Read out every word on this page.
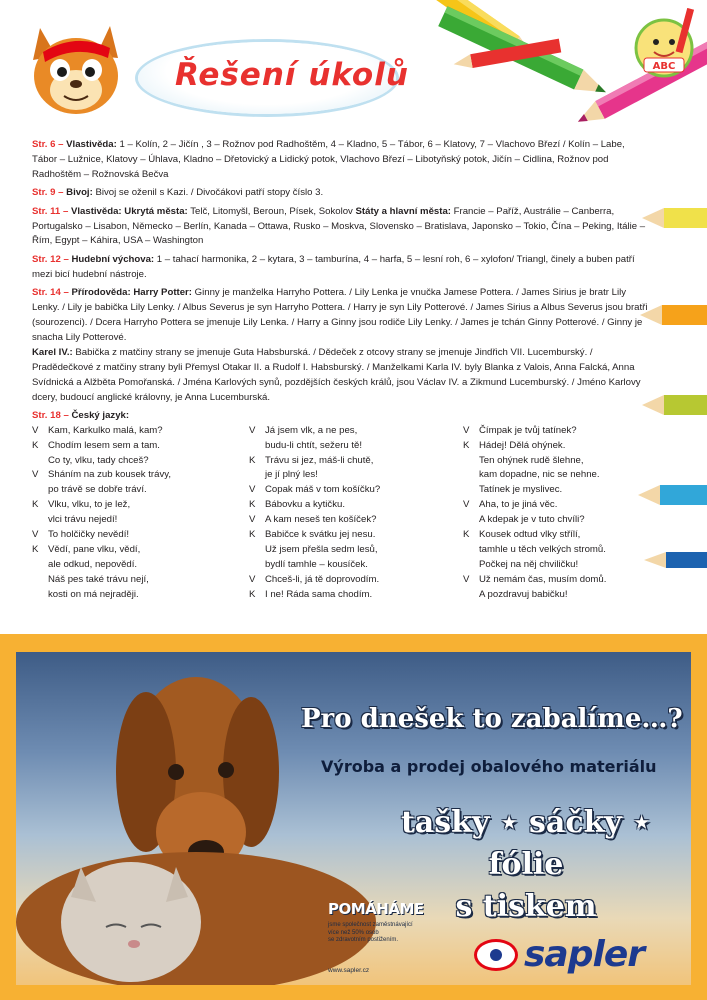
Řešení úkolů	ABC

Str. 6 – Vlastivěda: 1 – Kolín, 2 – Jičín , 3 – Rožnov pod Radhoštěm, 4 – Kladno, 5 – Tábor, 6 – Klatovy, 7 – Vlachovo Březí / Kolín – Labe, Tábor – Lužnice, Klatovy – Úhlava, Kladno – Dřetovický a Lidický potok, Vlachovo Březí – Libotyňský potok, Jičín – Cidlina, Rožnov pod Radhoštěm – Rožnovská Bečva

Str. 9 – Bivoj: Bivoj se oženil s Kazi. / Divočákovi patří stopy číslo 3.

Str. 11 – Vlastivěda: Ukrytá města: Telč, Litomyšl, Beroun, Písek, Sokolov Státy a hlavní města: Francie – Paříž, Austrálie – Canberra, Portugalsko – Lisabon, Německo – Berlín, Kanada – Ottawa, Rusko – Moskva, Slovensko – Bratislava, Japonsko – Tokio, Čína – Peking, Itálie – Řím, Egypt – Káhira, USA – Washington

Str. 12 – Hudební výchova: 1 – tahací harmonika, 2 – kytara, 3 – tamburína, 4 – harfa, 5 – lesní roh, 6 – xylofon/ Triangl, činely a buben patří mezi bicí hudební nástroje.

Str. 14 – Přírodověda: Harry Potter: Ginny je manželka Harryho Pottera. / Lily Lenka je vnučka Jamese Pottera. / James Sirius je bratr Lily Lenky. / Lily je babička Lily Lenky. / Albus Severus je syn Harryho Pottera. / Harry je syn Lily Potterové. / James Sirius a Albus Severus jsou bratři (sourozenci). / Dcera Harryho Pottera se jmenuje Lily Lenka. / Harry a Ginny jsou rodiče Lily Lenky. / James je tchán Ginny Potterové. / Ginny je snacha Lily Potterové.

Karel IV.: Babička z matčiny strany se jmenuje Guta Habsburská. / Dědeček z otcovy strany se jmenuje Jindřich VII. Lucemburský. / Pradědečkové z matčiny strany byli Přemysl Otakar II. a Rudolf I. Habsburský. / Manželkami Karla IV. byly Blanka z Valois, Anna Falcká, Anna Svídnická a Alžběta Pomořanská. / Jména Karlových synů, pozdějších českých králů, jsou Václav IV. a Zikmund Lucemburský. / Jméno Karlovy dcery, budoucí anglické královny, je Anna Lucemburská.

Str. 18 – Český jazyk:

V Kam, Karkulko malá, kam?
K Chodím lesem sem a tam.
Co ty, vlku, tady chceš?
V Sháním na zub kousek trávy,
po trávě se dobře tráví.
K Vlku, vlku, to je lež,
vlci trávu nejedí!
V To holčičky nevědí!
K Vědí, pane vlku, vědí,
ale odkud, nepovědí.
Náš pes také trávu nejí,
kosti on má nejraději.
V Já jsem vlk, a ne pes,
budu-li chtít, sežeru tě!
K Trávu si jez, máš-li chutě,
je jí plný les!
V Copak máš v tom košíčku?
K Bábovku a kytičku.
V A kam neseš ten košíček?
K Babičce k svátku jej nesu.
Už jsem přešla sedm lesů,
bydlí tamhle – kousíček.
V Chceš-li, já tě doprovodím.
K I ne! Ráda sama chodím.
V Čímpak je tvůj tatínek?
K Hádej! Dělá ohýnek.
Ten ohýnek rudě šlehne,
kam dopadne, nic se nehne.
Tatínek je myslivec.
V Aha, to je jiná věc.
A kdepak je v tuto chvíli?
K Kousek odtud vlky střílí,
tamhle u těch velkých stromů.
Počkej na něj chviličku!
V Už nemám čas, musím domů.
A pozdravuj babičku!
Pro dnešek to zabalíme…?
Výroba a prodej obalového materiálu
tašky ⋆ sáčky ⋆ fólie
s tiskem
POMÁHÁME
jsme společnost zaměstnávající
více než 50% osob
se zdravotním postižením.
www.sapler.cz	sapler
